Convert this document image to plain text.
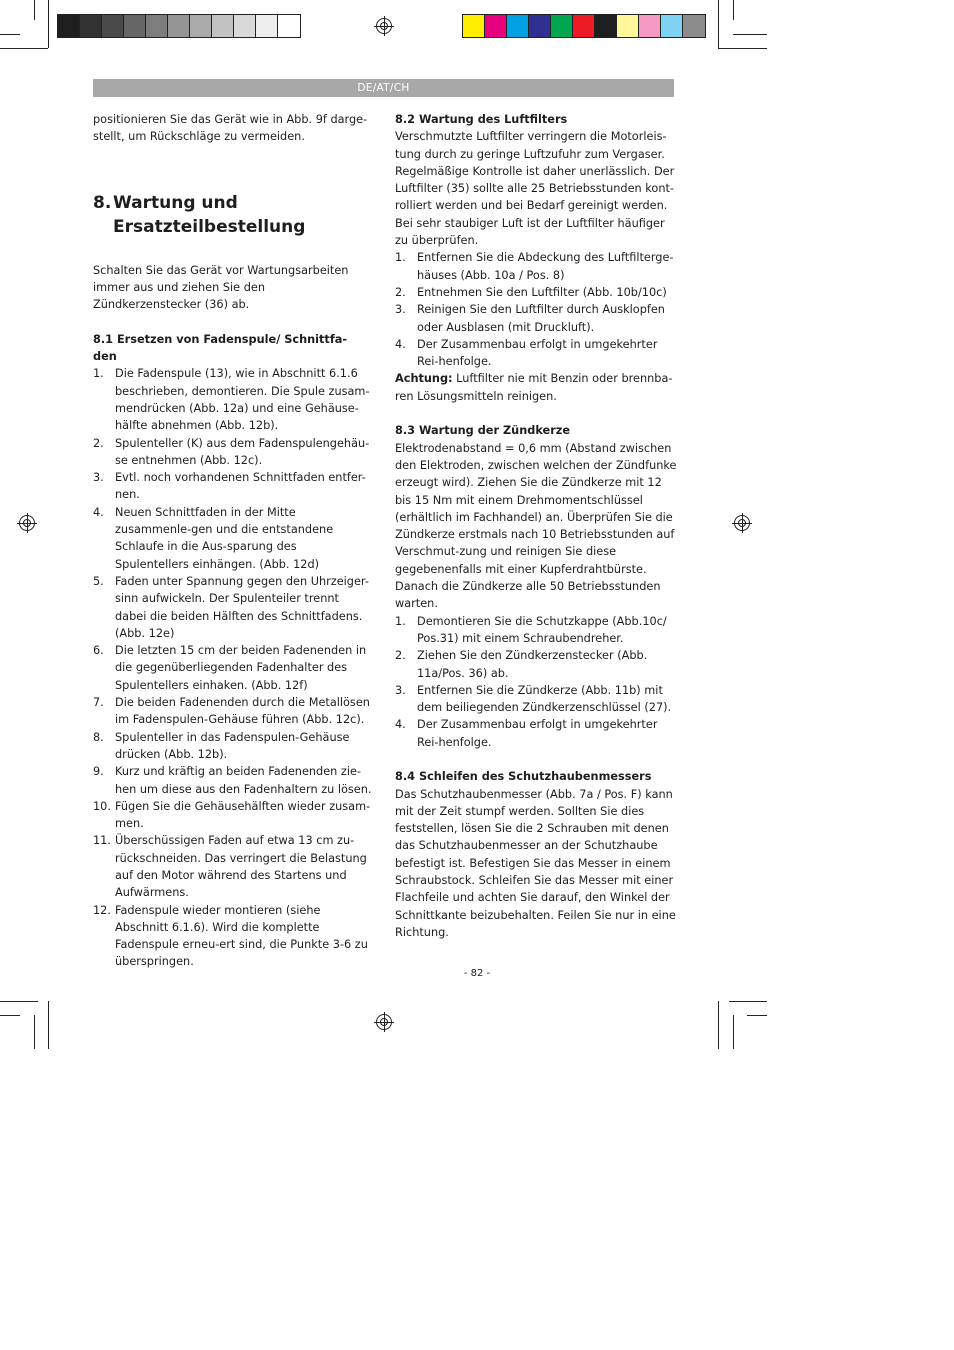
DE/AT/CH

positionieren Sie das Gerät wie in Abb. 9f darge-
stellt, um Rückschläge zu vermeiden.

8. Wartung und
Ersatzteilbestellung

Schalten Sie das Gerät vor Wartungsarbeiten immer aus und ziehen Sie den Zündkerzenstecker (36) ab.

8.1 Ersetzen von Fadenspule/ Schnittfa-
den
1. Die Fadenspule (13), wie in Abschnitt 6.1.6 beschrieben, demontieren. Die Spule zusam-mendrücken (Abb. 12a) und eine Gehäuse-hälfte abnehmen (Abb. 12b).
2. Spulenteller (K) aus dem Fadenspulengehäu-se entnehmen (Abb. 12c).
3. Evtl. noch vorhandenen Schnittfaden entfer-nen.
4. Neuen Schnittfaden in der Mitte zusammenle-gen und die entstandene Schlaufe in die Aus-sparung des Spulentellers einhängen. (Abb. 12d)
5. Faden unter Spannung gegen den Uhrzeiger-sinn aufwickeln. Der Spulenteiler trennt dabei die beiden Hälften des Schnittfadens. (Abb. 12e)
6. Die letzten 15 cm der beiden Fadenenden in die gegenüberliegenden Fadenhalter des Spulentellers einhaken. (Abb. 12f)
7. Die beiden Fadenenden durch die Metallösen im Fadenspulen-Gehäuse führen (Abb. 12c).
8. Spulenteller in das Fadenspulen-Gehäuse drücken (Abb. 12b).
9. Kurz und kräftig an beiden Fadenenden zie-hen um diese aus den Fadenhaltern zu lösen.
10. Fügen Sie die Gehäusehälften wieder zusam-men.
11. Überschüssigen Faden auf etwa 13 cm zu-rückschneiden. Das verringert die Belastung auf den Motor während des Startens und Aufwärmens.
12. Fadenspule wieder montieren (siehe Abschnitt 6.1.6). Wird die komplette Fadenspule erneu-ert sind, die Punkte 3-6 zu überspringen.
8.2 Wartung des Luftfilters

Verschmutzte Luftfilter verringern die Motorleis-tung durch zu geringe Luftzufuhr zum Vergaser. Regelmäßige Kontrolle ist daher unerlässlich. Der Luftfilter (35) sollte alle 25 Betriebsstunden kont-rolliert werden und bei Bedarf gereinigt werden. Bei sehr staubiger Luft ist der Luftfilter häufiger zu überprüfen.

1. Entfernen Sie die Abdeckung des Luftfilterge-häuses (Abb. 10a / Pos. 8)
2. Entnehmen Sie den Luftfilter (Abb. 10b/10c)
3. Reinigen Sie den Luftfilter durch Ausklopfen oder Ausblasen (mit Druckluft).
4. Der Zusammenbau erfolgt in umgekehrter Rei-henfolge.

Achtung: Luftfilter nie mit Benzin oder brennba-ren Lösungsmitteln reinigen.

8.3 Wartung der Zündkerze

Elektrodenabstand = 0,6 mm (Abstand zwischen den Elektroden, zwischen welchen der Zündfunke erzeugt wird). Ziehen Sie die Zündkerze mit 12 bis 15 Nm mit einem Drehmomentschlüssel (erhältlich im Fachhandel) an. Überprüfen Sie die Zündkerze erstmals nach 10 Betriebsstunden auf Verschmut-zung und reinigen Sie diese gegebenenfalls mit einer Kupferdrahtbürste.

Danach die Zündkerze alle 50 Betriebsstunden warten.

1. Demontieren Sie die Schutzkappe (Abb.10c/ Pos.31) mit einem Schraubendreher.
2. Ziehen Sie den Zündkerzenstecker (Abb. 11a/Pos. 36) ab.
3. Entfernen Sie die Zündkerze (Abb. 11b) mit dem beiliegenden Zündkerzenschlüssel (27).
4. Der Zusammenbau erfolgt in umgekehrter Rei-henfolge.
8.4 Schleifen des Schutzhaubenmessers

Das Schutzhaubenmesser (Abb. 7a / Pos. F) kann mit der Zeit stumpf werden. Sollten Sie dies feststellen, lösen Sie die 2 Schrauben mit denen das Schutzhaubenmesser an der Schutzhaube befestigt ist. Befestigen Sie das Messer in einem Schraubstock. Schleifen Sie das Messer mit einer Flachfeile und achten Sie darauf, den Winkel der Schnittkante beizubehalten. Feilen Sie nur in eine Richtung.

- 82 -
